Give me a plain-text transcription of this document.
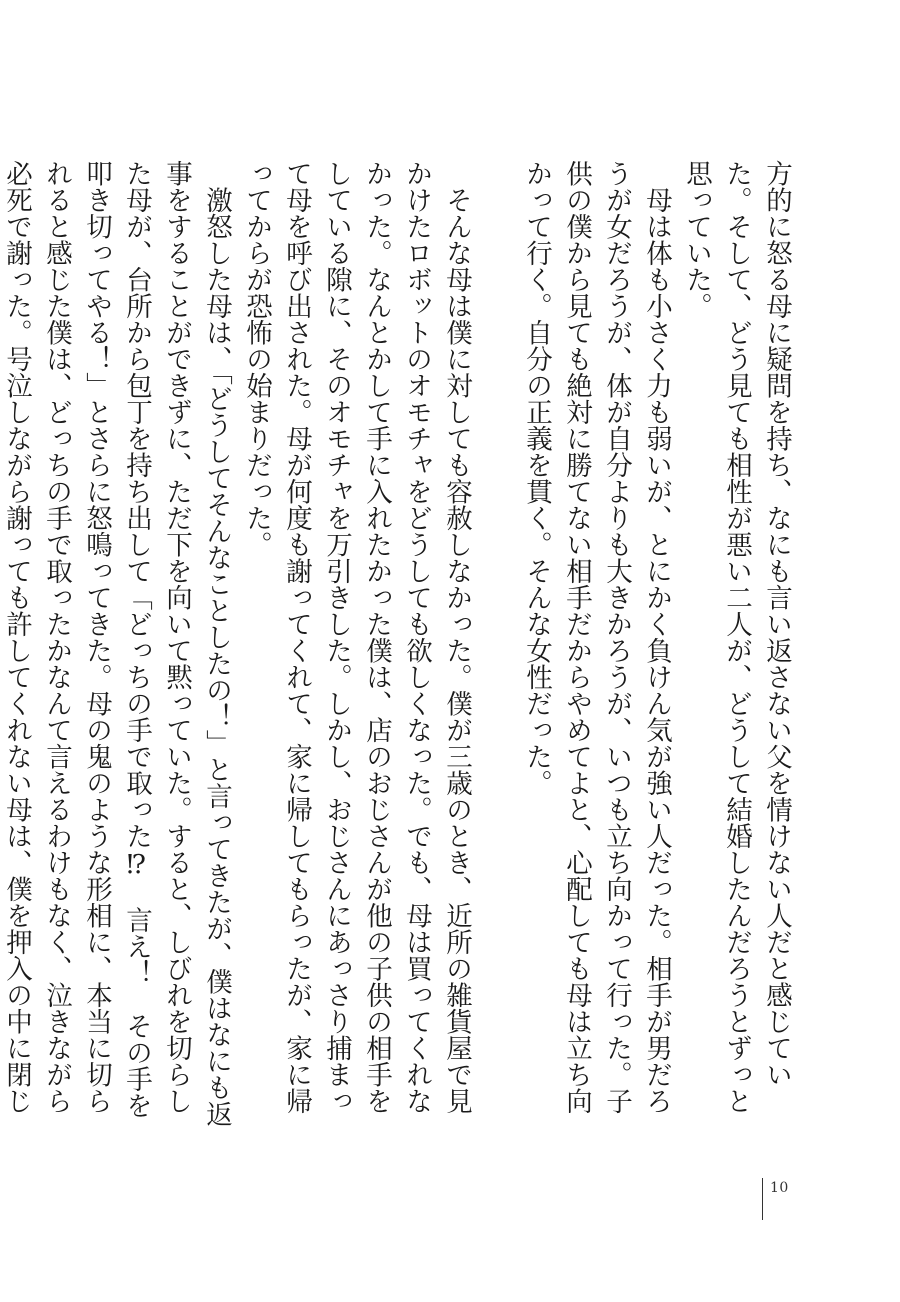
方的に怒る母に疑問を持ち、なにも言い返さない父を情けない人だと感じていた。そして、どう見ても相性が悪い二人が、どうして結婚したんだろうとずっと思っていた。

　母は体も小さく力も弱いが、とにかく負けん気が強い人だった。相手が男だろうが女だろうが、体が自分よりも大きかろうが、いつも立ち向かって行った。子供の僕から見ても絶対に勝てない相手だからやめてよと、心配しても母は立ち向かって行く。自分の正義を貫く。そんな女性だった。

　そんな母は僕に対しても容赦しなかった。僕が三歳のとき、近所の雑貨屋で見かけたロボットのオモチャをどうしても欲しくなった。でも、母は買ってくれなかった。なんとかして手に入れたかった僕は、店のおじさんが他の子供の相手をしている隙に、そのオモチャを万引きした。しかし、おじさんにあっさり捕まって母を呼び出された。母が何度も謝ってくれて、家に帰してもらったが、家に帰ってからが恐怖の始まりだった。

　激怒した母は、「どうしてそんなことしたの！」と言ってきたが、僕はなにも返事をすることができずに、ただ下を向いて黙っていた。すると、しびれを切らした母が、台所から包丁を持ち出して「どっちの手で取った⁉　言え！　その手を叩き切ってやる！」とさらに怒鳴ってきた。母の鬼のような形相に、本当に切られると感じた僕は、どっちの手で取ったかなんて言えるわけもなく、泣きながら必死で謝った。号泣しながら謝っても許してくれない母は、僕を押入の中に閉じ

10
